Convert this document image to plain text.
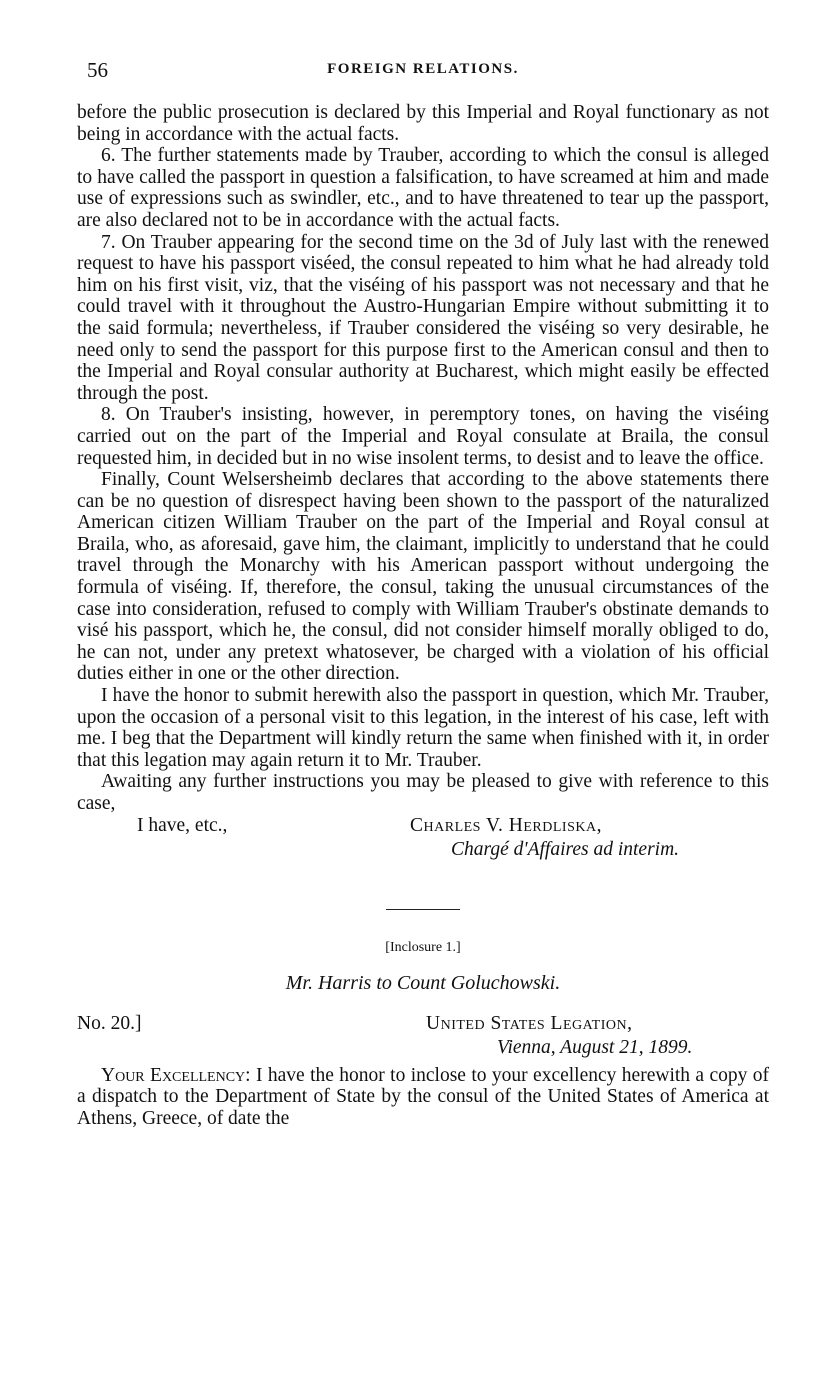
56	FOREIGN RELATIONS.

before the public prosecution is declared by this Imperial and Royal functionary as not being in accordance with the actual facts.

6. The further statements made by Trauber, according to which the consul is alleged to have called the passport in question a falsification, to have screamed at him and made use of expressions such as swindler, etc., and to have threatened to tear up the passport, are also declared not to be in accordance with the actual facts.

7. On Trauber appearing for the second time on the 3d of July last with the renewed request to have his passport viséed, the consul repeated to him what he had already told him on his first visit, viz, that the viséing of his passport was not necessary and that he could travel with it throughout the Austro-Hungarian Empire without submitting it to the said formula; nevertheless, if Trauber considered the viséing so very desirable, he need only to send the passport for this purpose first to the American consul and then to the Imperial and Royal consular authority at Bucharest, which might easily be effected through the post.

8. On Trauber's insisting, however, in peremptory tones, on having the viséing carried out on the part of the Imperial and Royal consulate at Braila, the consul requested him, in decided but in no wise insolent terms, to desist and to leave the office.

Finally, Count Welsersheimb declares that according to the above statements there can be no question of disrespect having been shown to the passport of the naturalized American citizen William Trauber on the part of the Imperial and Royal consul at Braila, who, as aforesaid, gave him, the claimant, implicitly to understand that he could travel through the Monarchy with his American passport without undergoing the formula of viséing. If, therefore, the consul, taking the unusual circumstances of the case into consideration, refused to comply with William Trauber's obstinate demands to visé his passport, which he, the consul, did not consider himself morally obliged to do, he can not, under any pretext whatosever, be charged with a violation of his official duties either in one or the other direction.

I have the honor to submit herewith also the passport in question, which Mr. Trauber, upon the occasion of a personal visit to this legation, in the interest of his case, left with me. I beg that the Department will kindly return the same when finished with it, in order that this legation may again return it to Mr. Trauber.

Awaiting any further instructions you may be pleased to give with reference to this case,

I have, etc.,	Charles V. Herdliska,
Chargé d'Affaires ad interim.
[Inclosure 1.]
Mr. Harris to Count Goluchowski.
No. 20.]	United States Legation,
Vienna, August 21, 1899.

Your Excellency: I have the honor to inclose to your excellency herewith a copy of a dispatch to the Department of State by the consul of the United States of America at Athens, Greece, of date the
